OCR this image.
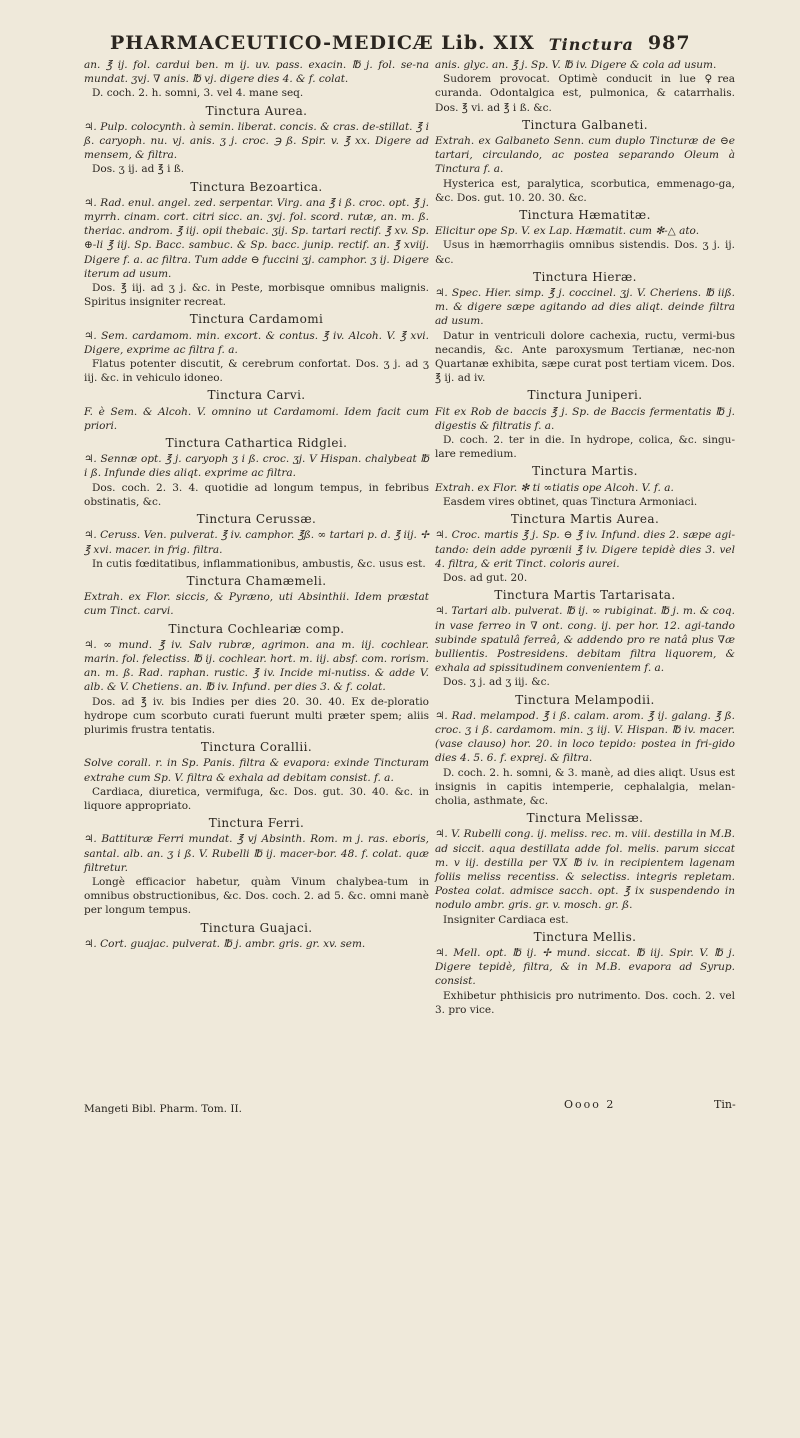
PHARMACEUTICO-MEDICÆ Lib. XIX Tinctura 987

an. ℥ ij. fol. cardui ben. m ij. uv. pass. exacin. ℔ j. fol. se-na mundat. ʒvj. ∇ anis. ℔ vj. digere dies 4. & f. colat.

D. coch. 2. h. somni, 3. vel 4. mane seq.

Tinctura Aurea.

♃. Pulp. colocynth. à semin. liberat. concis. & cras. de-stillat. ℥ i ß. caryoph. nu. vj. anis. ʒ j. croc. ℈ ß. Spir. v. ℥ xx. Digere ad mensem, & filtra.

Dos. ʒ ij. ad ℥ i ß.

Tinctura Bezoartica.

♃. Rad. enul. angel. zed. serpentar. Virg. ana ℥ i ß. croc. opt. ℥ j. myrrh. cinam. cort. citri sicc. an. ʒvj. fol. scord. rutæ, an. m. ß. theriac. androm. ℥ iij. opii thebaic. ʒij. Sp. tartari rectif. ℥ xv. Sp. ⊕-li ℥ iij. Sp. Bacc. sambuc. & Sp. bacc. junip. rectif. an. ℥ xviij. Digere f. a. ac filtra. Tum adde ⊖ fuccini ʒj. camphor. ʒ ij. Digere iterum ad usum.

Dos. ℥ iij. ad ʒ j. &c. in Peste, morbisque omnibus malignis. Spiritus insigniter recreat.

Tinctura Cardamomi

♃. Sem. cardamom. min. excort. & contus. ℥ iv. Alcoh. V. ℥ xvi. Digere, exprime ac filtra f. a.

Flatus potenter discutit, & cerebrum confortat. Dos. ʒ j. ad ʒ iij. &c. in vehiculo idoneo.

Tinctura Carvi.

F. è Sem. & Alcoh. V. omnino ut Cardamomi. Idem facit cum priori.

Tinctura Cathartica Ridglei.

♃. Sennæ opt. ℥ j. caryoph ʒ i ß. croc. ʒj. V Hispan. chalybeat ℔ i ß. Infunde dies aliqt. exprime ac filtra.

Dos. coch. 2. 3. 4. quotidie ad longum tempus, in febribus obstinatis, &c.

Tinctura Cerussæ.

♃. Ceruss. Ven. pulverat. ℥ iv. camphor. ℥ß. ∞ tartari p. d. ℥ iij. ✢ ℥ xvi. macer. in frig. filtra.

In cutis fœditatibus, inflammationibus, ambustis, &c. usus est.

Tinctura Chamæmeli.

Extrah. ex Flor. siccis, & Pyræno, uti Absinthii. Idem præstat cum Tinct. carvi.

Tinctura Cochleariæ comp.

♃. ∞ mund. ℥ iv. Salv rubræ, agrimon. ana m. iij. cochlear. marin. fol. felectiss. ℔ ij. cochlear. hort. m. iij. absf. com. rorism. an. m. ß. Rad. raphan. rustic. ℥ iv. Incide mi-nutiss. & adde V. alb. & V. Chetiens. an. ℔ iv. Infund. per dies 3. & f. colat.

Dos. ad ℥ iv. bis Indies per dies 20. 30. 40. Ex de-ploratio hydrope cum scorbuto curati fuerunt multi præter spem; aliis plurimis frustra tentatis.

Tinctura Corallii.

Solve corall. r. in Sp. Panis. filtra & evapora: exinde Tincturam extrahe cum Sp. V. filtra & exhala ad debitam consist. f. a.

Cardiaca, diuretica, vermifuga, &c. Dos. gut. 30. 40. &c. in liquore appropriato.

Tinctura Ferri.

♃. Battituræ Ferri mundat. ℥ vj Absinth. Rom. m j. ras. eboris, santal. alb. an. ʒ i ß. V. Rubelli ℔ ij. macer-bor. 48. f. colat. quæ filtretur.

Longè efficacior habetur, quàm Vinum chalybea-tum in omnibus obstructionibus, &c. Dos. coch. 2. ad 5. &c. omni manè per longum tempus.

Tinctura Guajaci.

♃. Cort. guajac. pulverat. ℔ j. ambr. gris. gr. xv. sem.

anis. glyc. an. ℥ j. Sp. V. ℔ iv. Digere & cola ad usum.

Sudorem provocat. Optimè conducit in lue ♀rea curanda. Odontalgica est, pulmonica, & catarrhalis. Dos. ℥ vi. ad ℥ i ß. &c.

Tinctura Galbaneti.

Extrah. ex Galbaneto Senn. cum duplo Tincturæ de ⊖e tartari, circulando, ac postea separando Oleum à Tinctura f. a.

Hysterica est, paralytica, scorbutica, emmenago-ga, &c. Dos. gut. 10. 20. 30. &c.

Tinctura Hæmatitæ.

Elicitur ope Sp. V. ex Lap. Hæmatit. cum ✻-△ ato.

Usus in hæmorrhagiis omnibus sistendis. Dos. ʒ j. ij. &c.

Tinctura Hieræ.

♃. Spec. Hier. simp. ℥ j. coccinel. ʒj. V. Cheriens. ℔ iiß. m. & digere sæpe agitando ad dies aliqt. deinde filtra ad usum.

Datur in ventriculi dolore cachexia, ructu, vermi-bus necandis, &c. Ante paroxysmum Tertianæ, nec-non Quartanæ exhibita, sæpe curat post tertiam vicem. Dos. ℥ ij. ad iv.

Tinctura Juniperi.

Fit ex Rob de baccis ℥ j. Sp. de Baccis fermentatis ℔ j. digestis & filtratis f. a.

D. coch. 2. ter in die. In hydrope, colica, &c. singu-lare remedium.

Tinctura Martis.

Extrah. ex Flor. ✻ ti ∞tiatis ope Alcoh. V. f. a.

Easdem vires obtinet, quas Tinctura Armoniaci.

Tinctura Martis Aurea.

♃. Croc. martis ℥ j. Sp. ⊖ ℥ iv. Infund. dies 2. sæpe agi-tando: dein adde pyrœnii ℥ iv. Digere tepidè dies 3. vel 4. filtra, & erit Tinct. coloris aurei.

Dos. ad gut. 20.

Tinctura Martis Tartarisata.

♃. Tartari alb. pulverat. ℔ ij. ∞ rubiginat. ℔ j. m. & coq. in vase ferreo in ∇ ont. cong. ij. per hor. 12. agi-tando subinde spatulâ ferreâ, & addendo pro re natâ plus ∇æ bullientis. Postresidens. debitam filtra liquorem, & exhala ad spissitudinem convenientem f. a.

Dos. ʒ j. ad ʒ iij. &c.

Tinctura Melampodii.

♃. Rad. melampod. ℥ i ß. calam. arom. ℥ ij. galang. ℥ ß. croc. ʒ i ß. cardamom. min. ʒ iij. V. Hispan. ℔ iv. macer. (vase clauso) hor. 20. in loco tepido: postea in fri-gido dies 4. 5. 6. f. exprej. & filtra.

D. coch. 2. h. somni, & 3. manè, ad dies aliqt. Usus est insignis in capitis intemperie, cephalalgia, melan-cholia, asthmate, &c.

Tinctura Melissæ.

♃. V. Rubelli cong. ij. meliss. rec. m. viii. destilla in M.B. ad siccit. aqua destillata adde fol. melis. parum siccat m. v iij. destilla per ∇X ℔ iv. in recipientem lagenam foliis meliss recentiss. & selectiss. integris repletam. Postea colat. admisce sacch. opt. ℥ ix suspendendo in nodulo ambr. gris. gr. v. mosch. gr. ß.

Insigniter Cardiaca est.

Tinctura Mellis.

♃. Mell. opt. ℔ ij. ✢ mund. siccat. ℔ iij. Spir. V. ℔ j. Digere tepidè, filtra, & in M.B. evapora ad Syrup. consist.

Exhibetur phthisicis pro nutrimento. Dos. coch. 2. vel 3. pro vice.

Mangeti Bibl. Pharm. Tom. II.	Oooo 2	Tin-
